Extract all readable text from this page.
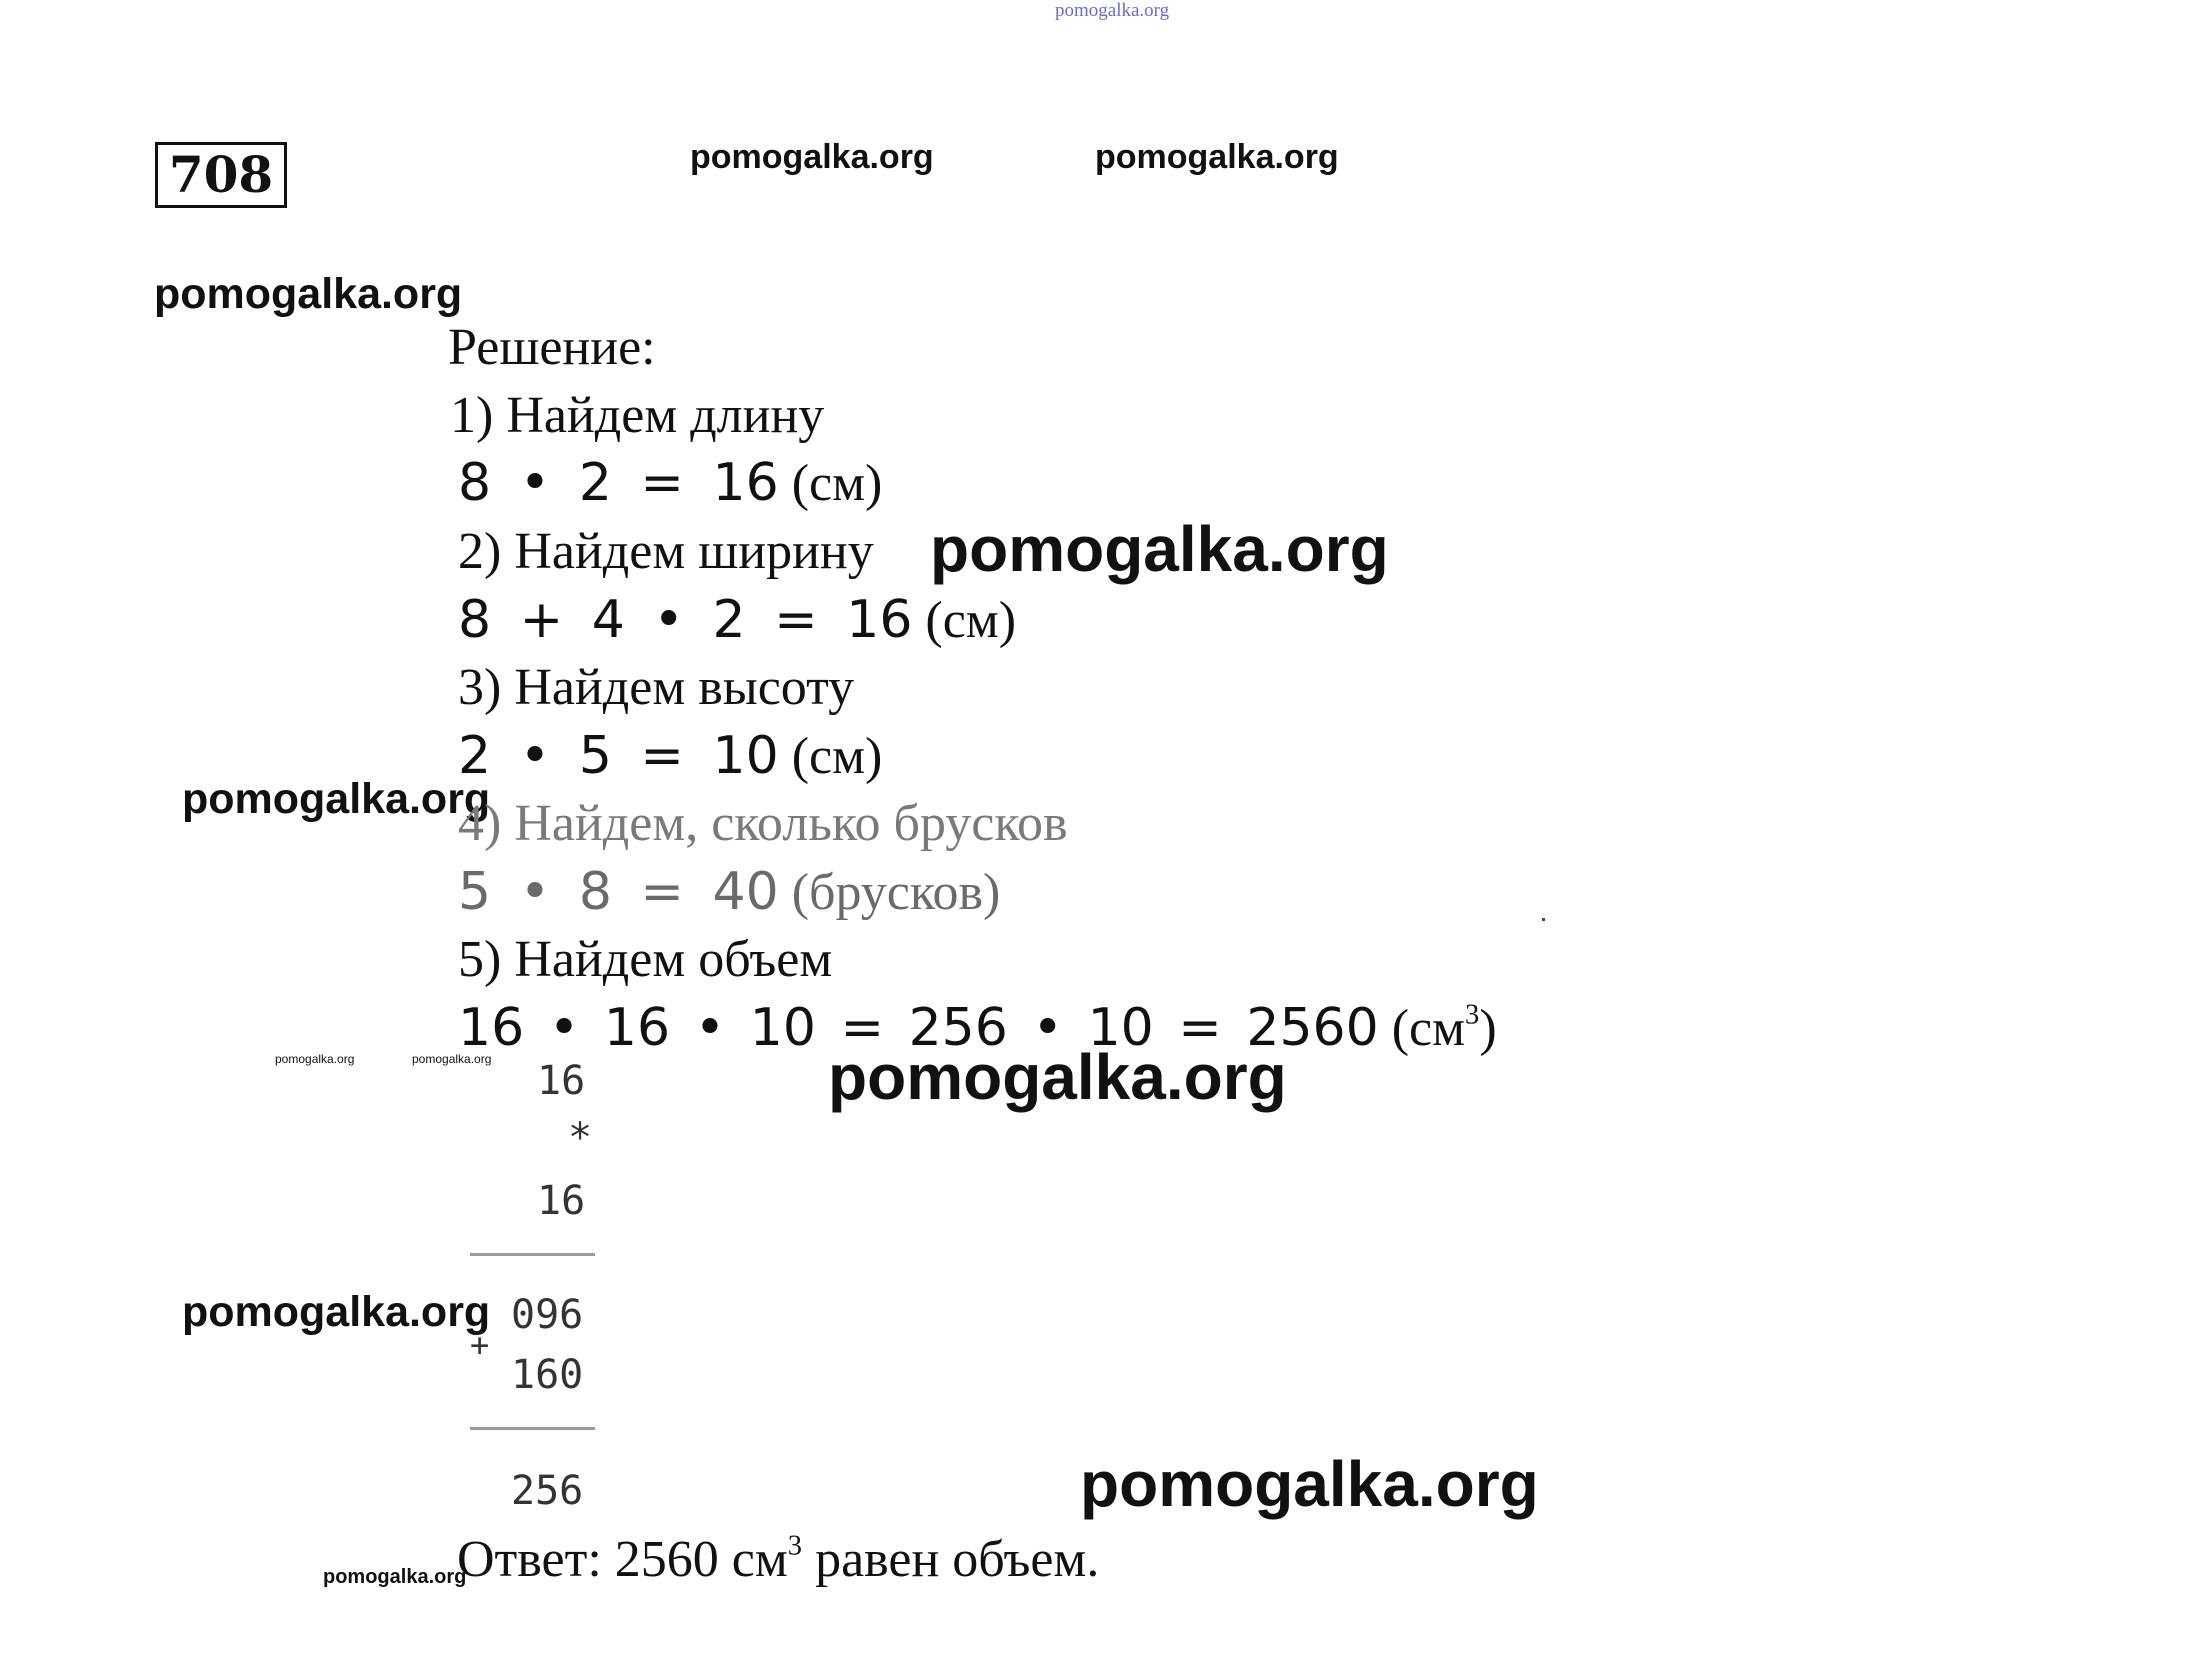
pomogalka.org
708	pomogalka.org	pomogalka.org
pomogalka.org
pomogalka.org
pomogalka.org
pomogalka.org	pomogalka.org	pomogalka.org
pomogalka.org
pomogalka.org
pomogalka.org
Решение:
1) Найдем длину
8 • 2 = 16 (см)
2) Найдем ширину
8 + 4 • 2 = 16 (см)
3) Найдем высоту
2 • 5 = 10 (см)
4) Найдем, сколько брусков
5 • 8 = 40 (брусков)
5) Найдем объем
16 • 16 • 10 = 256 • 10 = 2560 $(см^3)$
16
*
16
096
+
160
256
Ответ: 2560 $см^3$ равен объем.
